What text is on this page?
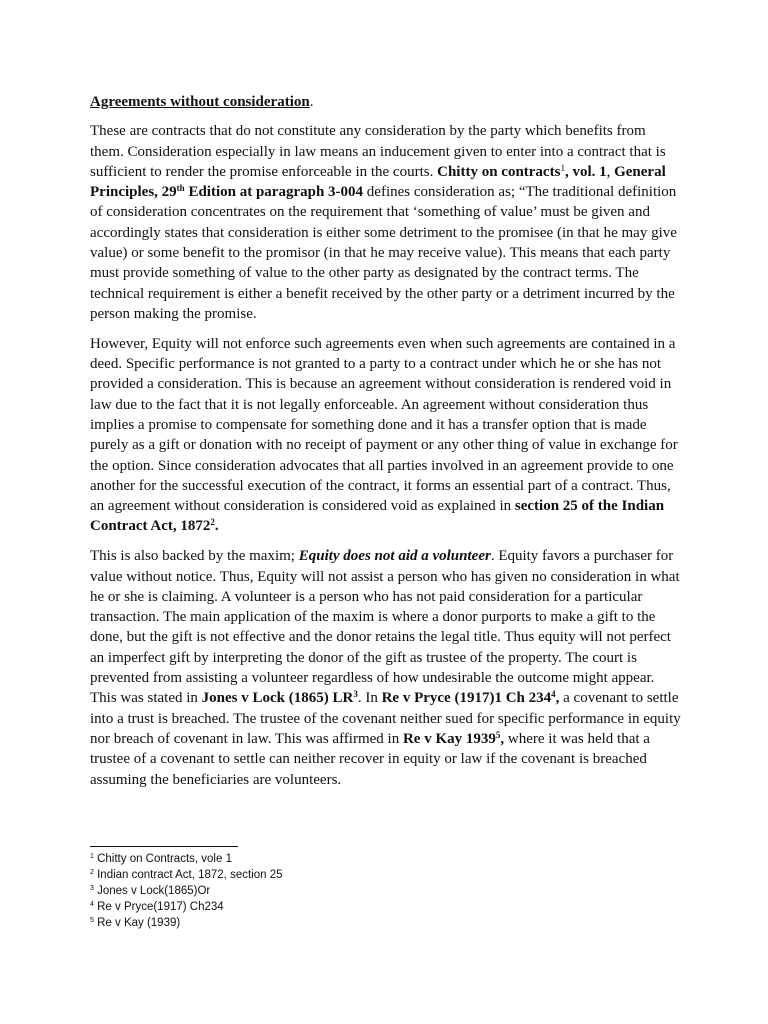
Agreements without consideration.

These are contracts that do not constitute any consideration by the party which benefits from them. Consideration especially in law means an inducement given to enter into a contract that is sufficient to render the promise enforceable in the courts. Chitty on contracts$^1$, vol. 1, General Principles, 29th Edition at paragraph 3-004 defines consideration as; “The traditional definition of consideration concentrates on the requirement that ‘something of value’ must be given and accordingly states that consideration is either some detriment to the promisee (in that he may give value) or some benefit to the promisor (in that he may receive value). This means that each party must provide something of value to the other party as designated by the contract terms. The technical requirement is either a benefit received by the other party or a detriment incurred by the person making the promise.

However, Equity will not enforce such agreements even when such agreements are contained in a deed. Specific performance is not granted to a party to a contract under which he or she has not provided a consideration. This is because an agreement without consideration is rendered void in law due to the fact that it is not legally enforceable. An agreement without consideration thus implies a promise to compensate for something done and it has a transfer option that is made purely as a gift or donation with no receipt of payment or any other thing of value in exchange for the option. Since consideration advocates that all parties involved in an agreement provide to one another for the successful execution of the contract, it forms an essential part of a contract. Thus, an agreement without consideration is considered void as explained in section 25 of the Indian Contract Act, 1872$^2$.

This is also backed by the maxim; Equity does not aid a volunteer. Equity favors a purchaser for value without notice. Thus, Equity will not assist a person who has given no consideration in what he or she is claiming. A volunteer is a person who has not paid consideration for a particular transaction. The main application of the maxim is where a donor purports to make a gift to the done, but the gift is not effective and the donor retains the legal title. Thus equity will not perfect an imperfect gift by interpreting the donor of the gift as trustee of the property. The court is prevented from assisting a volunteer regardless of how undesirable the outcome might appear. This was stated in Jones v Lock (1865) $LR^3$. In Re v Pryce (1917)1 Ch $234^4$, a covenant to settle into a trust is breached. The trustee of the covenant neither sued for specific performance in equity nor breach of covenant in law. This was affirmed in Re v Kay 1939$^5$, where it was held that a trustee of a covenant to settle can neither recover in equity or law if the covenant is breached assuming the beneficiaries are volunteers.

$^1$ Chitty on Contracts, vole 1
$^2$ Indian contract Act, 1872, section 25
$^3$ Jones v Lock(1865)Or
$^4$ Re v Pryce(1917) Ch234
$^5$ Re v Kay (1939)
